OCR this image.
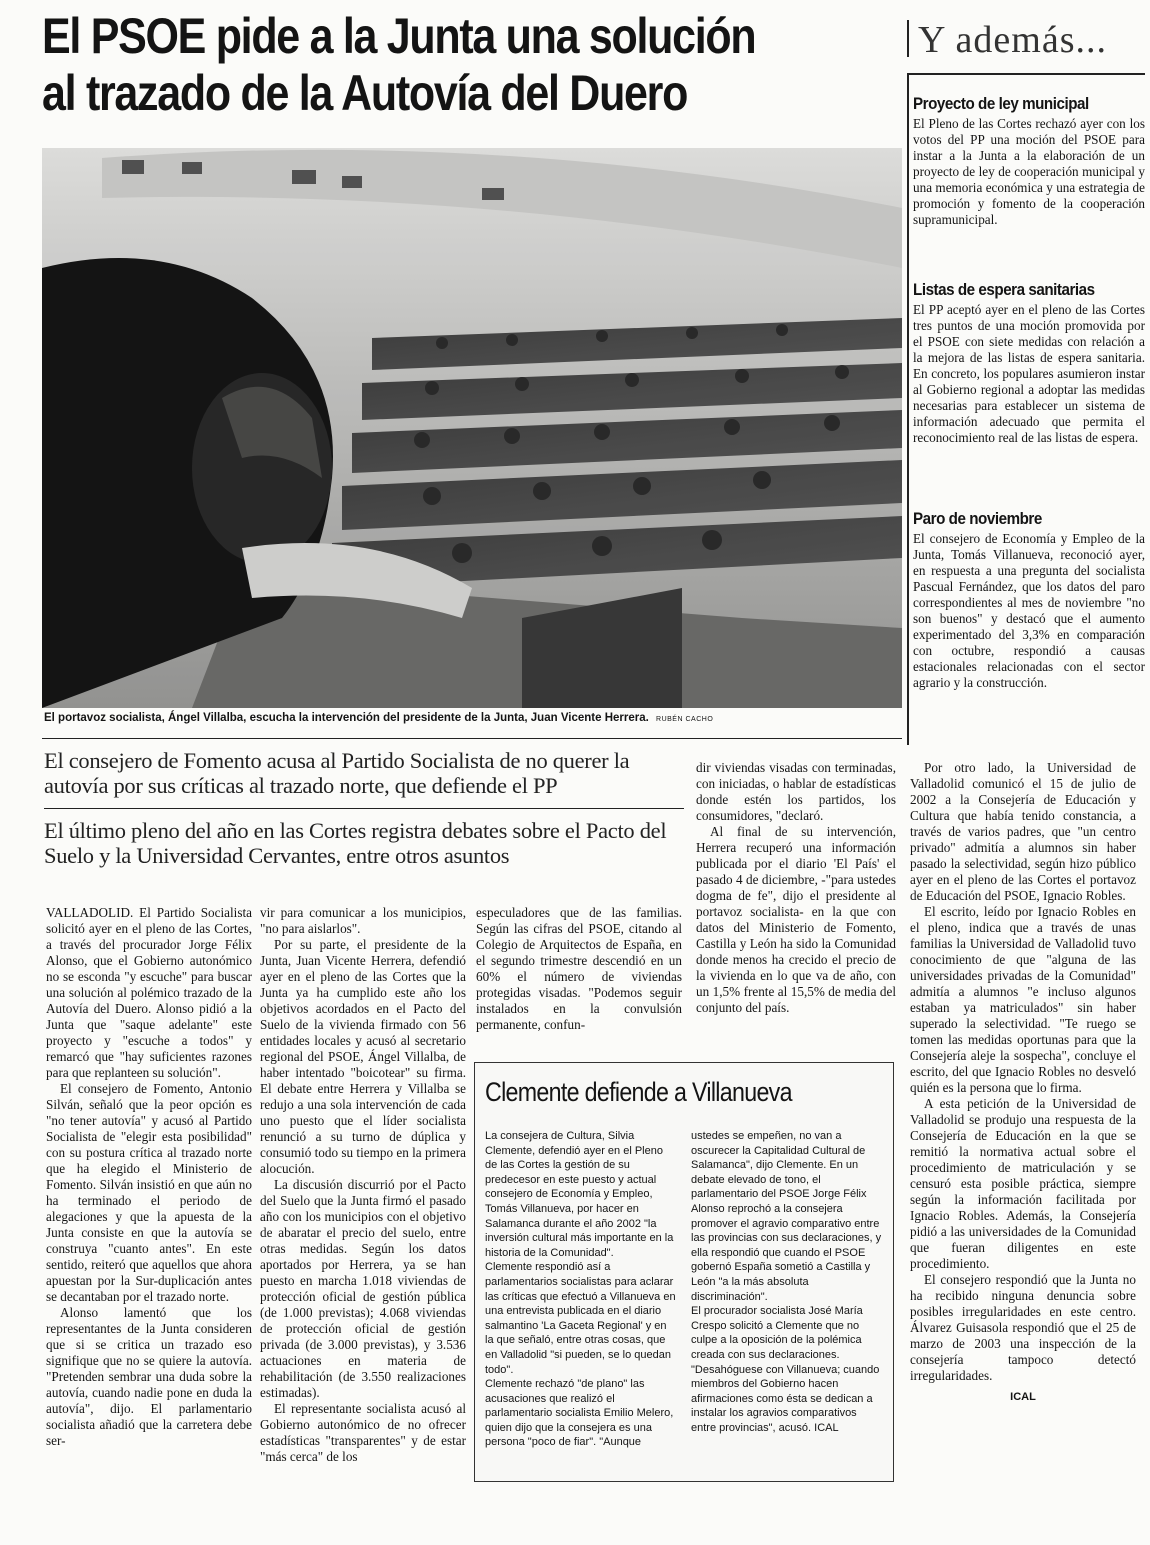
El PSOE pide a la Junta una solución
al trazado de la Autovía del Duero
Y además...
Proyecto de ley municipal

El Pleno de las Cortes rechazó ayer con los votos del PP una moción del PSOE para instar a la Junta a la elaboración de un proyecto de ley de cooperación municipal y una memoria económica y una estrategia de promoción y fomento de la cooperación supramunicipal.

Listas de espera sanitarias

El PP aceptó ayer en el pleno de las Cortes tres puntos de una moción promovida por el PSOE con siete medidas con relación a la mejora de las listas de espera sanitaria. En concreto, los populares asumieron instar al Gobierno regional a adoptar las medidas necesarias para establecer un sistema de información adecuado que permita el reconocimiento real de las listas de espera.

Paro de noviembre

El consejero de Economía y Empleo de la Junta, Tomás Villanueva, reconoció ayer, en respuesta a una pregunta del socialista Pascual Fernández, que los datos del paro correspondientes al mes de noviembre "no son buenos" y destacó que el aumento experimentado del 3,3% en comparación con octubre, respondió a causas estacionales relacionadas con el sector agrario y la construcción.

El portavoz socialista, Ángel Villalba, escucha la intervención del presidente de la Junta, Juan Vicente Herrera. RUBÉN CACHO
El consejero de Fomento acusa al Partido Socialista de no querer la autovía por sus críticas al trazado norte, que defiende el PP
El último pleno del año en las Cortes registra debates sobre el Pacto del Suelo y la Universidad Cervantes, entre otros asuntos

VALLADOLID. El Partido Socialista solicitó ayer en el pleno de las Cortes, a través del procurador Jorge Félix Alonso, que el Gobierno autonómico no se esconda "y escuche" para buscar una solución al polémico trazado de la Autovía del Duero. Alonso pidió a la Junta que "saque adelante" este proyecto y "escuche a todos" y remarcó que "hay suficientes razones para que replanteen su solución".

El consejero de Fomento, Antonio Silván, señaló que la peor opción es "no tener autovía" y acusó al Partido Socialista de "elegir esta posibilidad" con su postura crítica al trazado norte que ha elegido el Ministerio de Fomento. Silván insistió en que aún no ha terminado el periodo de alegaciones y que la apuesta de la Junta consiste en que la autovía se construya "cuanto antes". En este sentido, reiteró que aquellos que ahora apuestan por la Sur-duplicación antes se decantaban por el trazado norte.

Alonso lamentó que los representantes de la Junta consideren que si se critica un trazado eso signifique que no se quiere la autovía. "Pretenden sembrar una duda sobre la autovía, cuando nadie pone en duda la autovía", dijo. El parlamentario socialista añadió que la carretera debe ser-

vir para comunicar a los municipios, "no para aislarlos".

Por su parte, el presidente de la Junta, Juan Vicente Herrera, defendió ayer en el pleno de las Cortes que la Junta ya ha cumplido este año los objetivos acordados en el Pacto del Suelo de la vivienda firmado con 56 entidades locales y acusó al secretario regional del PSOE, Ángel Villalba, de haber intentado "boicotear" su firma. El debate entre Herrera y Villalba se redujo a una sola intervención de cada uno puesto que el líder socialista renunció a su turno de dúplica y consumió todo su tiempo en la primera alocución.

La discusión discurrió por el Pacto del Suelo que la Junta firmó el pasado año con los municipios con el objetivo de abaratar el precio del suelo, entre otras medidas. Según los datos aportados por Herrera, ya se han puesto en marcha 1.018 viviendas de protección oficial de gestión pública (de 1.000 previstas); 4.068 viviendas de protección oficial de gestión privada (de 3.000 previstas), y 3.536 actuaciones en materia de rehabilitación (de 3.550 realizaciones estimadas).

El representante socialista acusó al Gobierno autonómico de no ofrecer estadísticas "transparentes" y de estar "más cerca" de los

especuladores que de las familias. Según las cifras del PSOE, citando al Colegio de Arquitectos de España, en el segundo trimestre descendió en un 60% el número de viviendas protegidas visadas. "Podemos seguir instalados en la convulsión permanente, confun-

dir viviendas visadas con terminadas, con iniciadas, o hablar de estadísticas donde estén los partidos, los consumidores, "declaró.

Al final de su intervención, Herrera recuperó una información publicada por el diario 'El País' el pasado 4 de diciembre, -"para ustedes dogma de fe", dijo el presidente al portavoz socialista- en la que con datos del Ministerio de Fomento, Castilla y León ha sido la Comunidad donde menos ha crecido el precio de la vivienda en lo que va de año, con un 1,5% frente al 15,5% de media del conjunto del país.

Por otro lado, la Universidad de Valladolid comunicó el 15 de julio de 2002 a la Consejería de Educación y Cultura que había tenido constancia, a través de varios padres, que "un centro privado" admitía a alumnos sin haber pasado la selectividad, según hizo público ayer en el pleno de las Cortes el portavoz de Educación del PSOE, Ignacio Robles.

El escrito, leído por Ignacio Robles en el pleno, indica que a través de unas familias la Universidad de Valladolid tuvo conocimiento de que "alguna de las universidades privadas de la Comunidad" admitía a alumnos "e incluso algunos estaban ya matriculados" sin haber superado la selectividad. "Te ruego se tomen las medidas oportunas para que la Consejería aleje la sospecha", concluye el escrito, del que Ignacio Robles no desveló quién es la persona que lo firma.

A esta petición de la Universidad de Valladolid se produjo una respuesta de la Consejería de Educación en la que se remitió la normativa actual sobre el procedimiento de matriculación y se censuró esta posible práctica, siempre según la información facilitada por Ignacio Robles. Además, la Consejería pidió a las universidades de la Comunidad que fueran diligentes en este procedimiento.

El consejero respondió que la Junta no ha recibido ninguna denuncia sobre posibles irregularidades en este centro. Álvarez Guisasola respondió que el 25 de marzo de 2003 una inspección de la consejería tampoco detectó irregularidades.

ICAL
Clemente defiende a Villanueva

La consejera de Cultura, Silvia Clemente, defendió ayer en el Pleno de las Cortes la gestión de su predecesor en este puesto y actual consejero de Economía y Empleo, Tomás Villanueva, por hacer en Salamanca durante el año 2002 "la inversión cultural más importante en la historia de la Comunidad".

Clemente respondió así a parlamentarios socialistas para aclarar las críticas que efectuó a Villanueva en una entrevista publicada en el diario salmantino 'La Gaceta Regional' y en la que señaló, entre otras cosas, que en Valladolid "si pueden, se lo quedan todo".

Clemente rechazó "de plano" las acusaciones que realizó el parlamentario socialista Emilio Melero, quien dijo que la consejera es una persona "poco de fiar". "Aunque

ustedes se empeñen, no van a oscurecer la Capitalidad Cultural de Salamanca", dijo Clemente. En un debate elevado de tono, el parlamentario del PSOE Jorge Félix Alonso reprochó a la consejera promover el agravio comparativo entre las provincias con sus declaraciones, y ella respondió que cuando el PSOE gobernó España sometió a Castilla y León "a la más absoluta discriminación".

El procurador socialista José María Crespo solicitó a Clemente que no culpe a la oposición de la polémica creada con sus declaraciones.

"Desahóguese con Villanueva; cuando miembros del Gobierno hacen afirmaciones como ésta se dedican a instalar los agravios comparativos entre provincias", acusó. ICAL
